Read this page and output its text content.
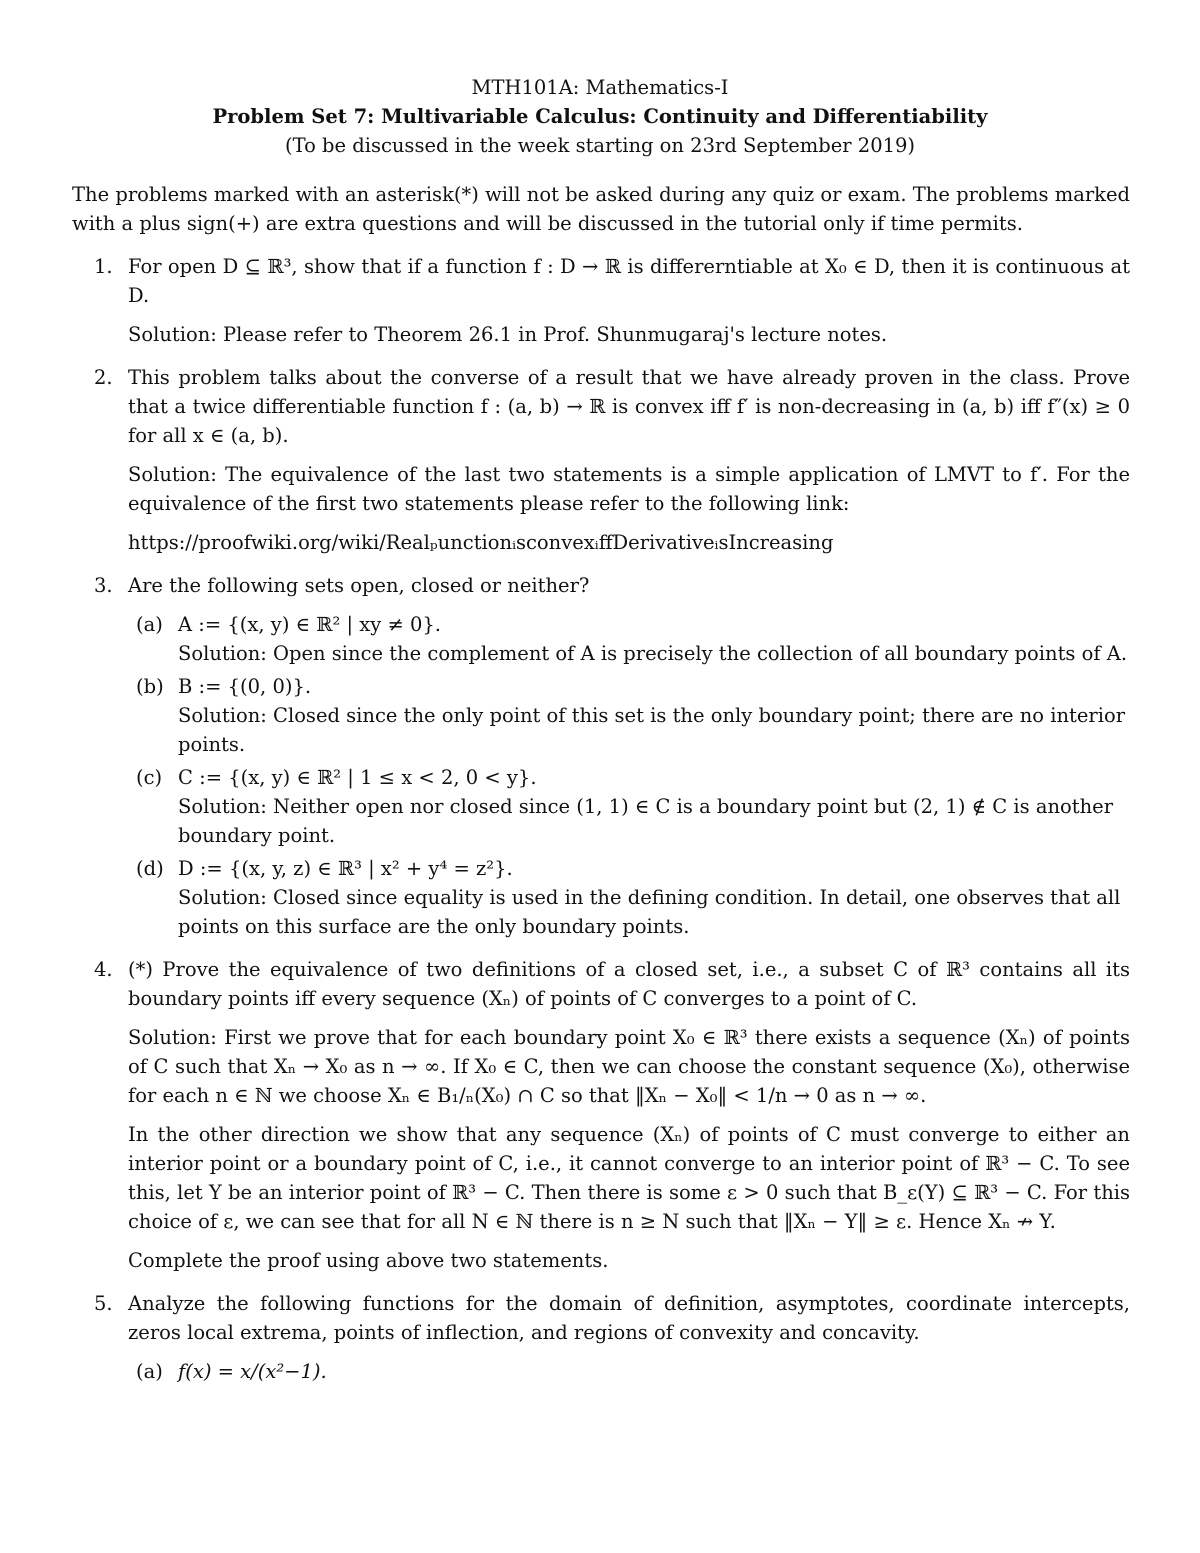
MTH101A: Mathematics-I
Problem Set 7: Multivariable Calculus: Continuity and Differentiability
(To be discussed in the week starting on 23rd September 2019)
The problems marked with an asterisk(*) will not be asked during any quiz or exam. The problems marked with a plus sign(+) are extra questions and will be discussed in the tutorial only if time permits.
1. For open D ⊆ ℝ³, show that if a function f : D → ℝ is differerntiable at X₀ ∈ D, then it is continuous at D.

Solution: Please refer to Theorem 26.1 in Prof. Shunmugaraj's lecture notes.

2. This problem talks about the converse of a result that we have already proven in the class. Prove that a twice differentiable function f : (a, b) → ℝ is convex iff f′ is non-decreasing in (a, b) iff f″(x) ≥ 0 for all x ∈ (a, b).

Solution: The equivalence of the last two statements is a simple application of LMVT to f′. For the equivalence of the first two statements please refer to the following link:

https://proofwiki.org/wiki/RealₚunctionᵢsconvexᵢffDerivativeᵢsIncreasing

3. Are the following sets open, closed or neither?

(a) A := {(x, y) ∈ ℝ² | xy ≠ 0}.
Solution: Open since the complement of A is precisely the collection of all boundary points of A.
(b) B := {(0, 0)}.
Solution: Closed since the only point of this set is the only boundary point; there are no interior points.
(c) C := {(x, y) ∈ ℝ² | 1 ≤ x < 2, 0 < y}.
Solution: Neither open nor closed since (1, 1) ∈ C is a boundary point but (2, 1) ∉ C is another boundary point.
(d) D := {(x, y, z) ∈ ℝ³ | x² + y⁴ = z²}.
Solution: Closed since equality is used in the defining condition. In detail, one observes that all points on this surface are the only boundary points.
4. (*) Prove the equivalence of two definitions of a closed set, i.e., a subset C of ℝ³ contains all its boundary points iff every sequence (Xₙ) of points of C converges to a point of C.

Solution: First we prove that for each boundary point X₀ ∈ ℝ³ there exists a sequence (Xₙ) of points of C such that Xₙ → X₀ as n → ∞. If X₀ ∈ C, then we can choose the constant sequence (X₀), otherwise for each n ∈ ℕ we choose Xₙ ∈ B₁/ₙ(X₀) ∩ C so that ‖Xₙ − X₀‖ < 1/n → 0 as n → ∞.

In the other direction we show that any sequence (Xₙ) of points of C must converge to either an interior point or a boundary point of C, i.e., it cannot converge to an interior point of ℝ³ − C. To see this, let Y be an interior point of ℝ³ − C. Then there is some ε > 0 such that B_ε(Y) ⊆ ℝ³ − C. For this choice of ε, we can see that for all N ∈ ℕ there is n ≥ N such that ‖Xₙ − Y‖ ≥ ε. Hence Xₙ ↛ Y.

Complete the proof using above two statements.

5. Analyze the following functions for the domain of definition, asymptotes, coordinate intercepts, zeros local extrema, points of inflection, and regions of convexity and concavity.

(a) f(x) = x/(x²−1).
